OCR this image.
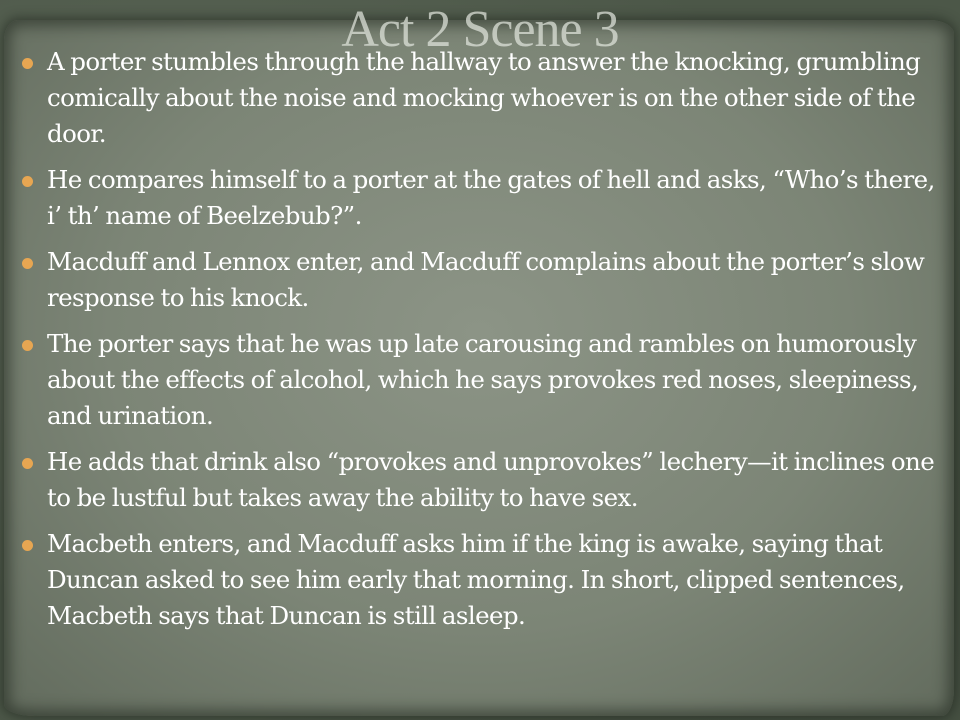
Act 2 Scene 3
A porter stumbles through the hallway to answer the knocking, grumbling comically about the noise and mocking whoever is on the other side of the door.
He compares himself to a porter at the gates of hell and asks, “Who’s there, i’ th’ name of Beelzebub?”.
Macduff and Lennox enter, and Macduff complains about the porter’s slow response to his knock.
The porter says that he was up late carousing and rambles on humorously about the effects of alcohol, which he says provokes red noses, sleepiness, and urination.
He adds that drink also “provokes and unprovokes” lechery—it inclines one to be lustful but takes away the ability to have sex.
Macbeth enters, and Macduff asks him if the king is awake, saying that Duncan asked to see him early that morning. In short, clipped sentences, Macbeth says that Duncan is still asleep.
